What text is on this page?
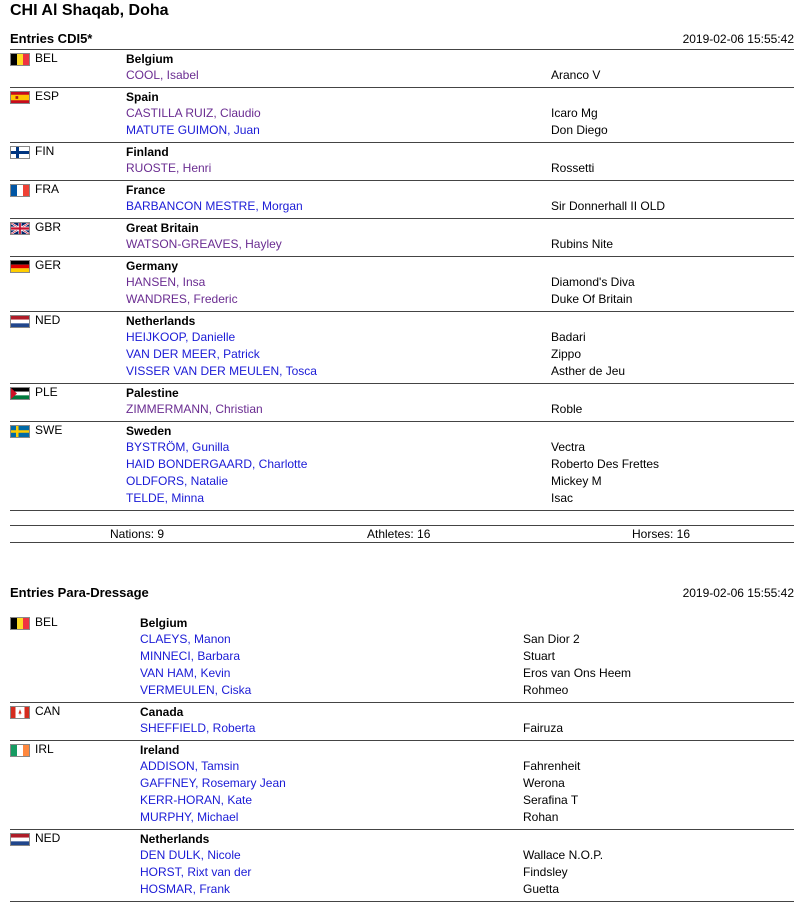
CHI Al Shaqab, Doha
Entries CDI5*	2019-02-06 15:55:42
BEL	Belgium
COOL, Isabel	Aranco V
ESP	Spain
CASTILLA RUIZ, Claudio	Icaro Mg
MATUTE GUIMON, Juan	Don Diego
FIN	Finland
RUOSTE, Henri	Rossetti
FRA	France
BARBANCON MESTRE, Morgan	Sir Donnerhall II OLD
GBR	Great Britain
WATSON-GREAVES, Hayley	Rubins Nite
GER	Germany
HANSEN, Insa	Diamond's Diva
WANDRES, Frederic	Duke Of Britain
NED	Netherlands
HEIJKOOP, Danielle	Badari
VAN DER MEER, Patrick	Zippo
VISSER VAN DER MEULEN, Tosca	Asther de Jeu
PLE	Palestine
ZIMMERMANN, Christian	Roble
SWE	Sweden
BYSTRÖM, Gunilla	Vectra
HAID BONDERGAARD, Charlotte	Roberto Des Frettes
OLDFORS, Natalie	Mickey M
TELDE, Minna	Isac
Nations: 9	Athletes: 16	Horses: 16
Entries Para-Dressage	2019-02-06 15:55:42
BEL	Belgium
CLAEYS, Manon	San Dior 2
MINNECI, Barbara	Stuart
VAN HAM, Kevin	Eros van Ons Heem
VERMEULEN, Ciska	Rohmeo
CAN	Canada
SHEFFIELD, Roberta	Fairuza
IRL	Ireland
ADDISON, Tamsin	Fahrenheit
GAFFNEY, Rosemary Jean	Werona
KERR-HORAN, Kate	Serafina T
MURPHY, Michael	Rohan
NED	Netherlands
DEN DULK, Nicole	Wallace N.O.P.
HORST, Rixt van der	Findsley
HOSMAR, Frank	Guetta
